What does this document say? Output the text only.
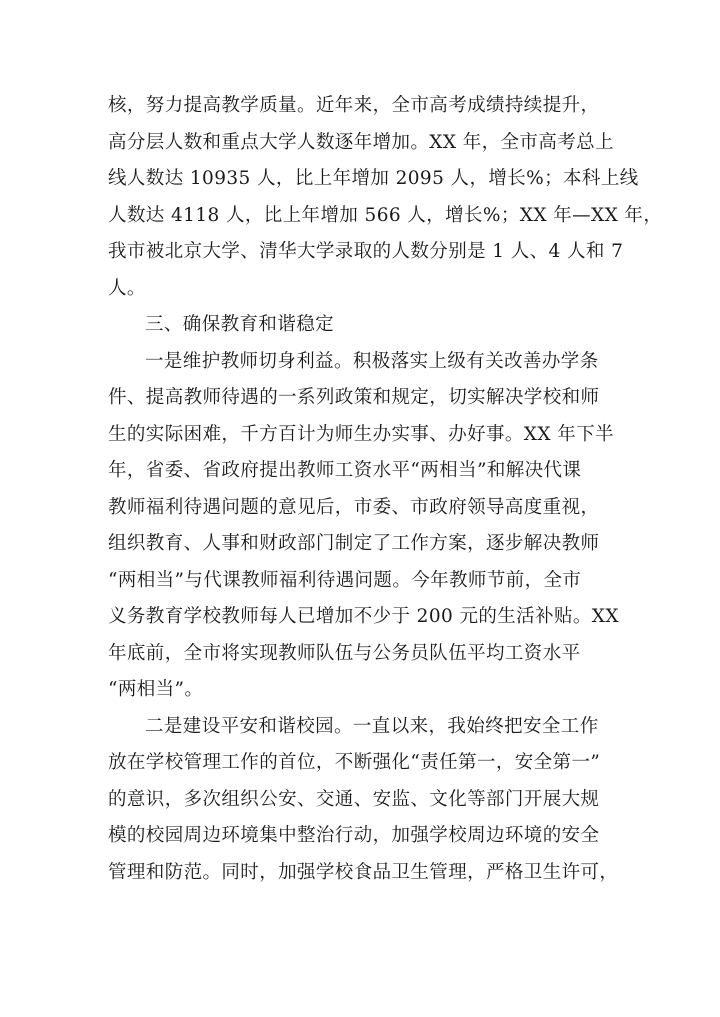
核，努力提高教学质量。近年来，全市高考成绩持续提升，
高分层人数和重点大学人数逐年增加。XX 年，全市高考总上
线人数达 10935 人，比上年增加 2095 人，增长%；本科上线
人数达 4118 人，比上年增加 566 人，增长%；XX 年—XX 年，
我市被北京大学、清华大学录取的人数分别是 1 人、4 人和 7
人。
三、确保教育和谐稳定
一是维护教师切身利益。积极落实上级有关改善办学条
件、提高教师待遇的一系列政策和规定，切实解决学校和师
生的实际困难，千方百计为师生办实事、办好事。XX 年下半
年，省委、省政府提出教师工资水平“两相当”和解决代课
教师福利待遇问题的意见后，市委、市政府领导高度重视，
组织教育、人事和财政部门制定了工作方案，逐步解决教师
“两相当”与代课教师福利待遇问题。今年教师节前，全市
义务教育学校教师每人已增加不少于 200 元的生活补贴。XX
年底前，全市将实现教师队伍与公务员队伍平均工资水平
“两相当”。
二是建设平安和谐校园。一直以来，我始终把安全工作
放在学校管理工作的首位，不断强化“责任第一，安全第一”
的意识，多次组织公安、交通、安监、文化等部门开展大规
模的校园周边环境集中整治行动，加强学校周边环境的安全
管理和防范。同时，加强学校食品卫生管理，严格卫生许可，
